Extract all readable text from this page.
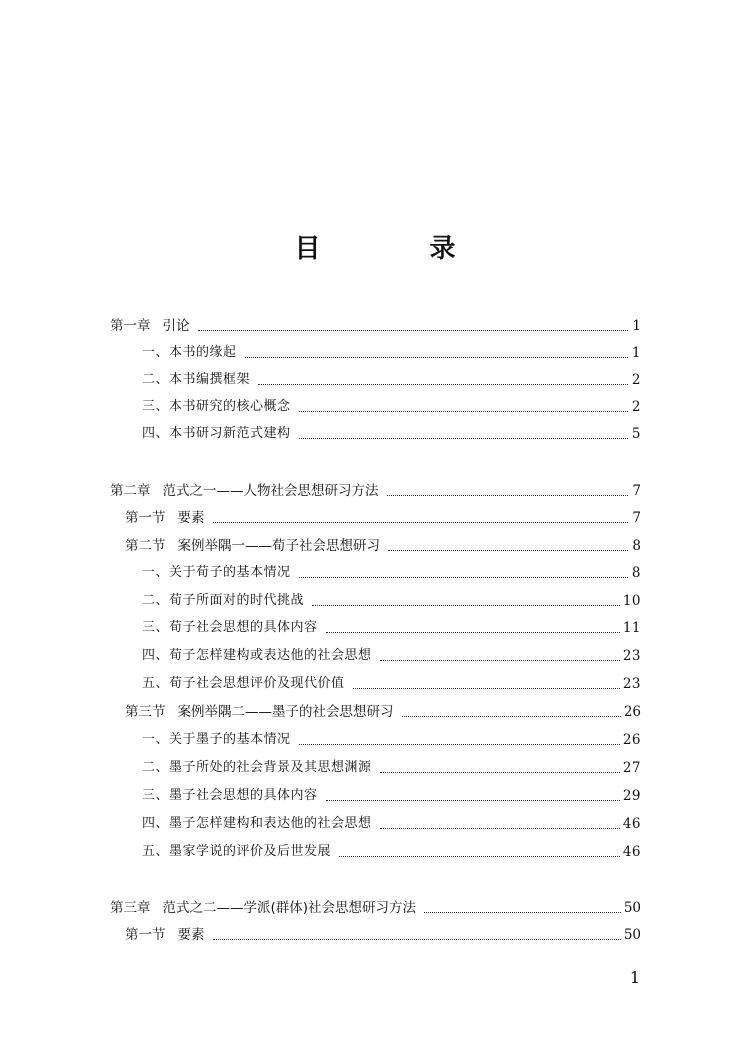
目 录
第一章 引论	1
一、本书的缘起	1
二、本书编撰框架	2
三、本书研究的核心概念	2
四、本书研习新范式建构	5
第二章 范式之一——人物社会思想研习方法	7
第一节 要素	7
第二节 案例举隅一——荀子社会思想研习	8
一、关于荀子的基本情况	8
二、荀子所面对的时代挑战	10
三、荀子社会思想的具体内容	11
四、荀子怎样建构或表达他的社会思想	23
五、荀子社会思想评价及现代价值	23
第三节 案例举隅二——墨子的社会思想研习	26
一、关于墨子的基本情况	26
二、墨子所处的社会背景及其思想渊源	27
三、墨子社会思想的具体内容	29
四、墨子怎样建构和表达他的社会思想	46
五、墨家学说的评价及后世发展	46
第三章 范式之二——学派(群体)社会思想研习方法	50
第一节 要素	50
1
